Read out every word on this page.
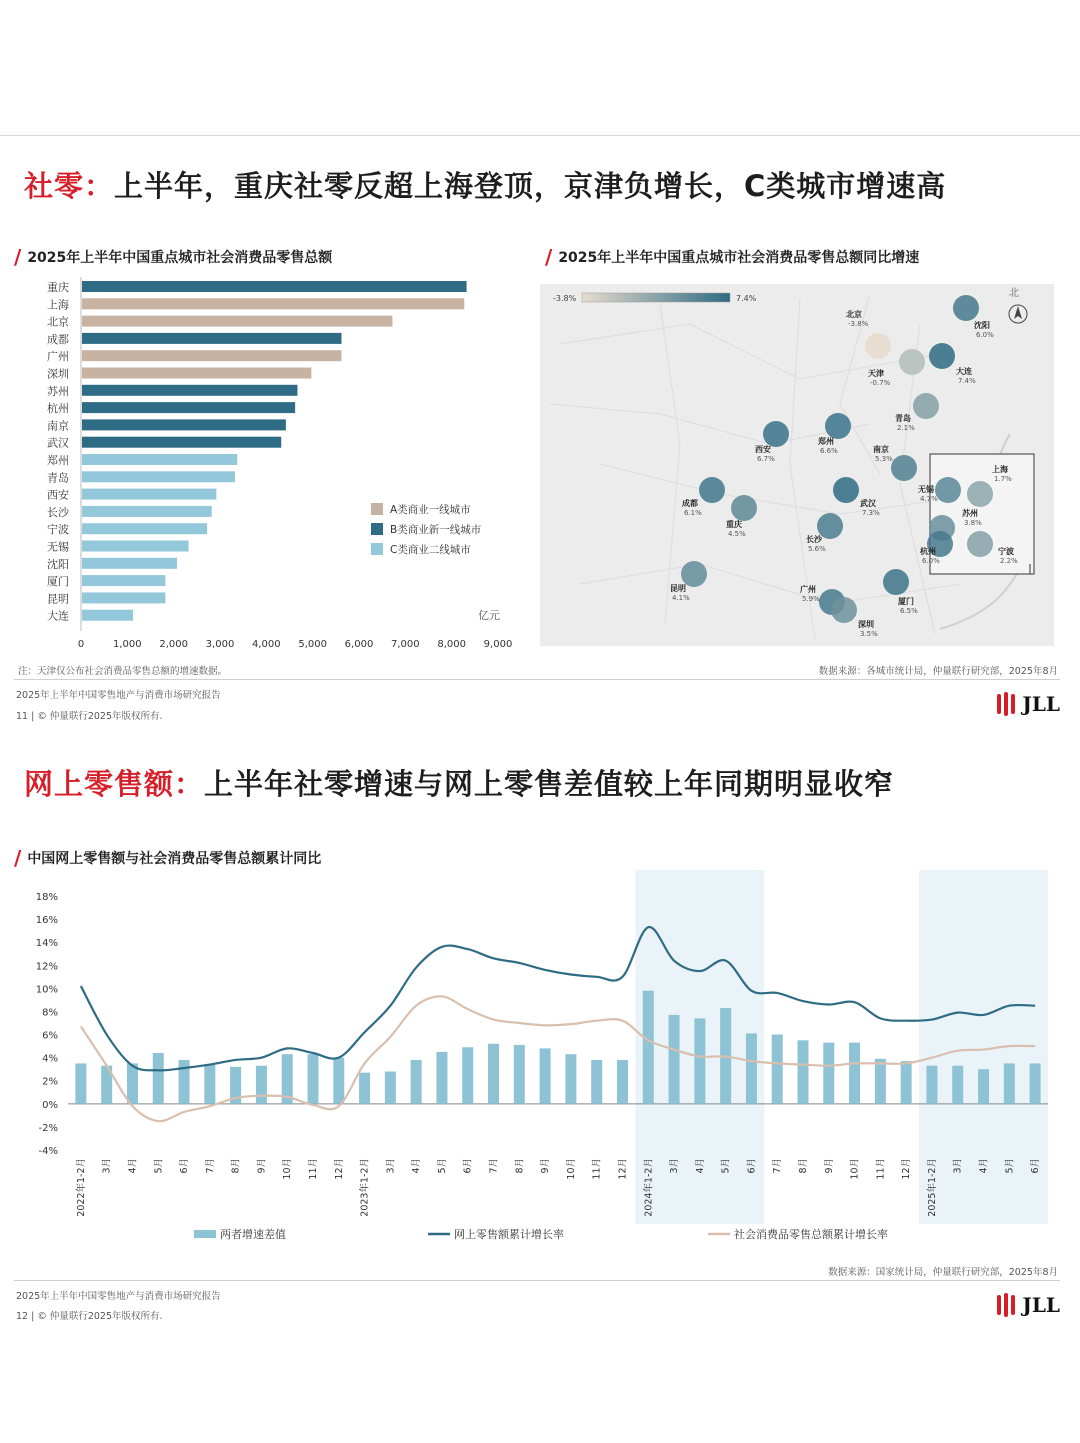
社零：上半年，重庆社零反超上海登顶，京津负增长，C类城市增速高
/ 2025年上半年中国重点城市社会消费品零售总额	/ 2025年上半年中国重点城市社会消费品零售总额同比增速
0	1,000 2,000 3,000 4,000 5,000 6,000 7,000 8,000 9,000
重庆
上海
北京
成都
广州
深圳
苏州
杭州
南京
武汉
郑州
青岛
西安
长沙
宁波
无锡
沈阳
厦门
昆明
大连	亿元
A类商业一线城市
B类商业新一线城市
C类商业二线城市
-3.8%	7.4%	北
北京
-3.8%
天津
-0.7%
沈阳
6.0%
大连
7.4%
青岛
2.1%
西安
6.7%
郑州
6.6%	南京
5.3%
成都
6.1%
重庆
4.5%
武汉
7.3%
长沙
5.6%
昆明
4.1%
广州
5.9%
深圳
3.5%
厦门
6.5%
上海
1.7%
无锡
4.7%
苏州
3.8%
杭州
6.0%
宁波
2.2%
注：天津仅公布社会消费品零售总额的增速数据。	数据来源：各城市统计局，仲量联行研究部，2025年8月
2025年上半年中国零售地产与消费市场研究报告
11 | © 仲量联行2025年版权所有.
JLL
网上零售额：上半年社零增速与网上零售差值较上年同期明显收窄
/ 中国网上零售额与社会消费品零售总额累计同比
-4%
-2%
0%
2%
4%
6%
8%
10%
12%
14%
16%
18%
2022年1-2月 3月 4月 5月 6月 7月 8月 9月 10月 11月 12月 2023年1-2月 3月 4月 5月 6月 7月 8月 9月 10月 11月 12月 2024年1-2月 3月 4月 5月 6月 7月 8月 9月 10月 11月 12月 2025年1-2月 3月 4月 5月 6月
两者增速差值	网上零售额累计增长率	社会消费品零售总额累计增长率
数据来源：国家统计局，仲量联行研究部，2025年8月
2025年上半年中国零售地产与消费市场研究报告
12 | © 仲量联行2025年版权所有.	JLL
